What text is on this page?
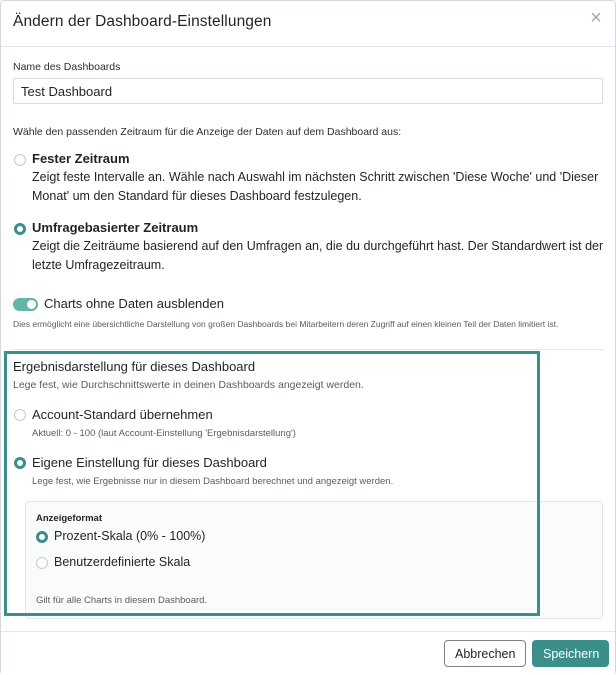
Ändern der Dashboard-Einstellungen	×
Name des Dashboards
Test Dashboard
Wähle den passenden Zeitraum für die Anzeige der Daten auf dem Dashboard aus:
Fester Zeitraum
Zeigt feste Intervalle an. Wähle nach Auswahl im nächsten Schritt zwischen 'Diese Woche' und 'Dieser Monat' um den Standard für dieses Dashboard festzulegen.
Umfragebasierter Zeitraum
Zeigt die Zeiträume basierend auf den Umfragen an, die du durchgeführt hast. Der Standardwert ist der letzte Umfragezeitraum.
Charts ohne Daten ausblenden
Dies ermöglicht eine übersichtliche Darstellung von großen Dashboards bei Mitarbeitern deren Zugriff auf einen kleinen Teil der Daten limitiert ist.
Ergebnisdarstellung für dieses Dashboard
Lege fest, wie Durchschnittswerte in deinen Dashboards angezeigt werden.
Account-Standard übernehmen
Aktuell: 0 - 100 (laut Account-Einstellung 'Ergebnisdarstellung')
Eigene Einstellung für dieses Dashboard
Lege fest, wie Ergebnisse nur in diesem Dashboard berechnet und angezeigt werden.
Anzeigeformat
Prozent-Skala (0% - 100%)
Benutzerdefinierte Skala
Gilt für alle Charts in diesem Dashboard.
Abbrechen	Speichern
